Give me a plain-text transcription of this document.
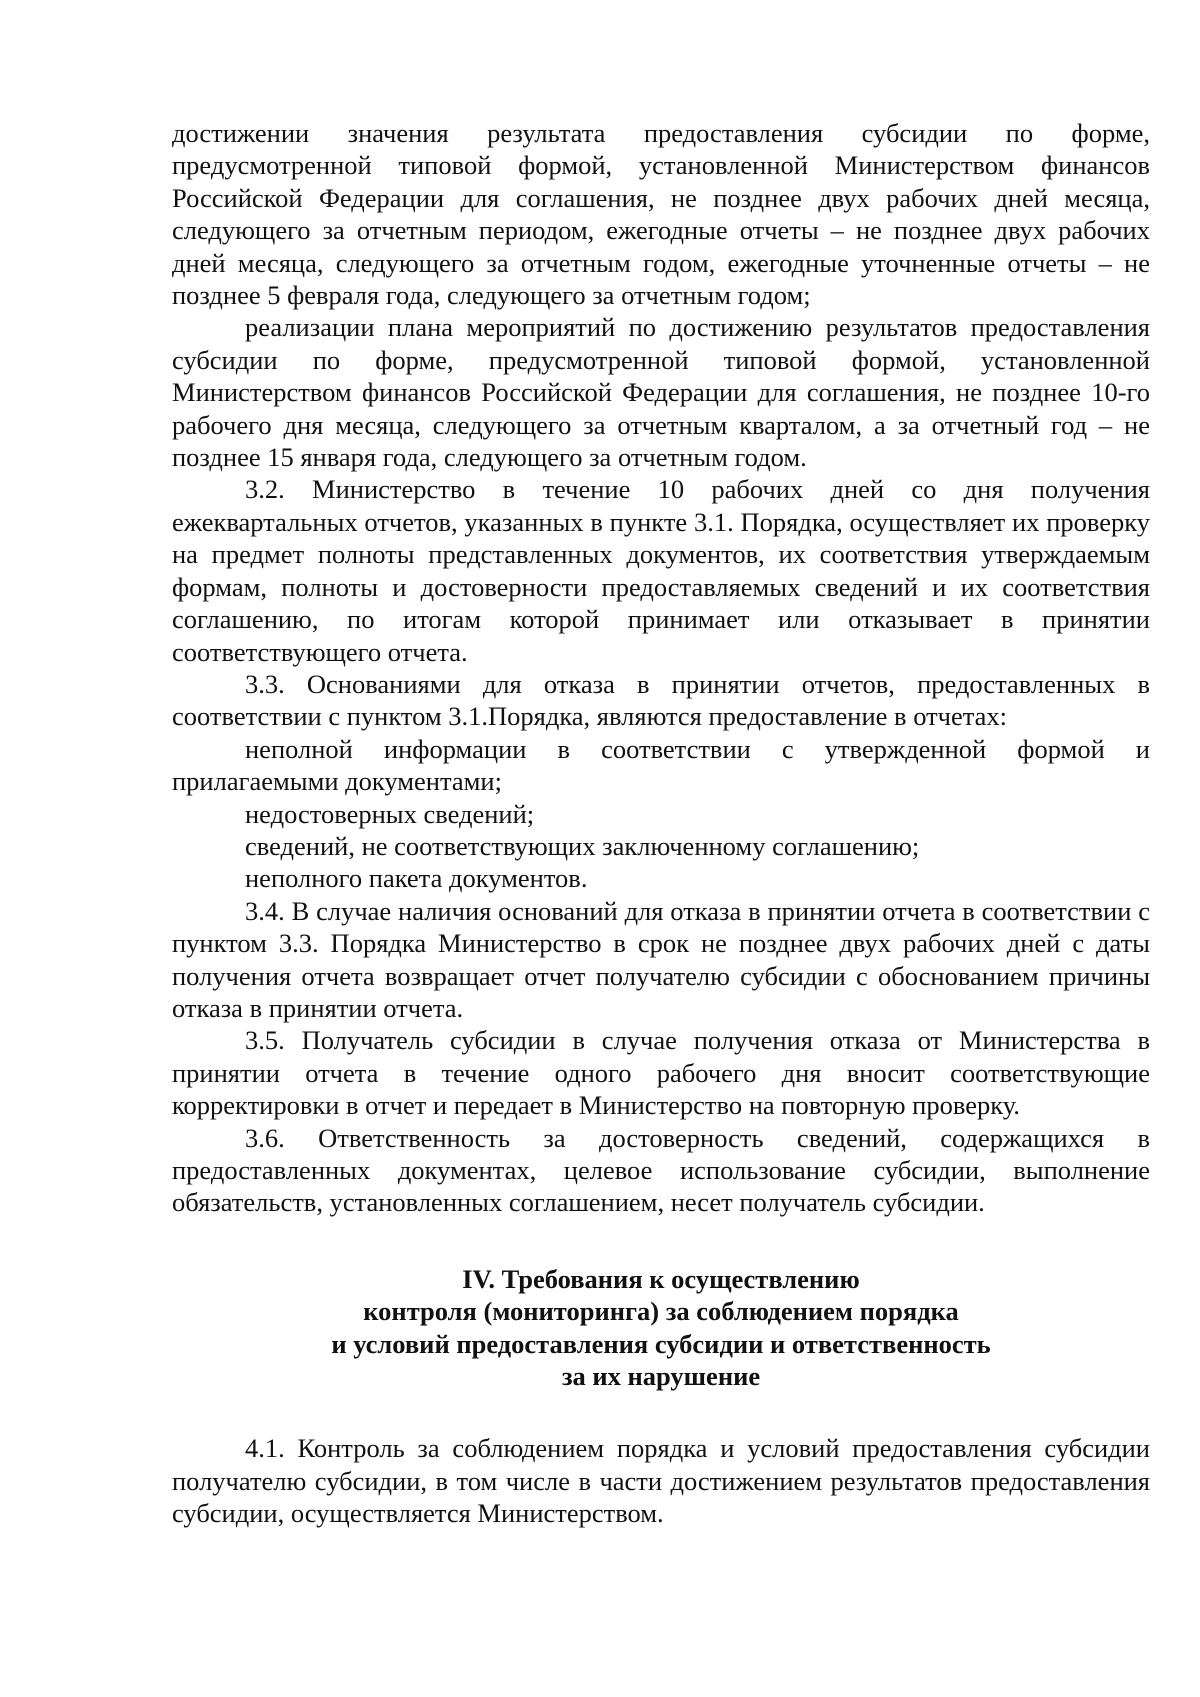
достижении значения результата предоставления субсидии по форме, предусмотренной типовой формой, установленной Министерством финансов Российской Федерации для соглашения, не позднее двух рабочих дней месяца, следующего за отчетным периодом, ежегодные отчеты – не позднее двух рабочих дней месяца, следующего за отчетным годом, ежегодные уточненные отчеты – не позднее 5 февраля года, следующего за отчетным годом;

реализации плана мероприятий по достижению результатов предоставления субсидии по форме, предусмотренной типовой формой, установленной Министерством финансов Российской Федерации для соглашения, не позднее 10-го рабочего дня месяца, следующего за отчетным кварталом, а за отчетный год – не позднее 15 января года, следующего за отчетным годом.

3.2. Министерство в течение 10 рабочих дней со дня получения ежеквартальных отчетов, указанных в пункте 3.1. Порядка, осуществляет их проверку на предмет полноты представленных документов, их соответствия утверждаемым формам, полноты и достоверности предоставляемых сведений и их соответствия соглашению, по итогам которой принимает или отказывает в принятии соответствующего отчета.

3.3. Основаниями для отказа в принятии отчетов, предоставленных в соответствии с пунктом 3.1.Порядка, являются предоставление в отчетах:

неполной информации в соответствии с утвержденной формой и прилагаемыми документами;

недостоверных сведений;

сведений, не соответствующих заключенному соглашению;

неполного пакета документов.

3.4. В случае наличия оснований для отказа в принятии отчета в соответствии с пунктом 3.3. Порядка Министерство в срок не позднее двух рабочих дней с даты получения отчета возвращает отчет получателю субсидии с обоснованием причины отказа в принятии отчета.

3.5. Получатель субсидии в случае получения отказа от Министерства в принятии отчета в течение одного рабочего дня вносит соответствующие корректировки в отчет и передает в Министерство на повторную проверку.

3.6. Ответственность за достоверность сведений, содержащихся в предоставленных документах, целевое использование субсидии, выполнение обязательств, установленных соглашением, несет получатель субсидии.

IV. Требования к осуществлению
контроля (мониторинга) за соблюдением порядка
и условий предоставления субсидии и ответственность
за их нарушение

4.1. Контроль за соблюдением порядка и условий предоставления субсидии получателю субсидии, в том числе в части достижением результатов предоставления субсидии, осуществляется Министерством.
